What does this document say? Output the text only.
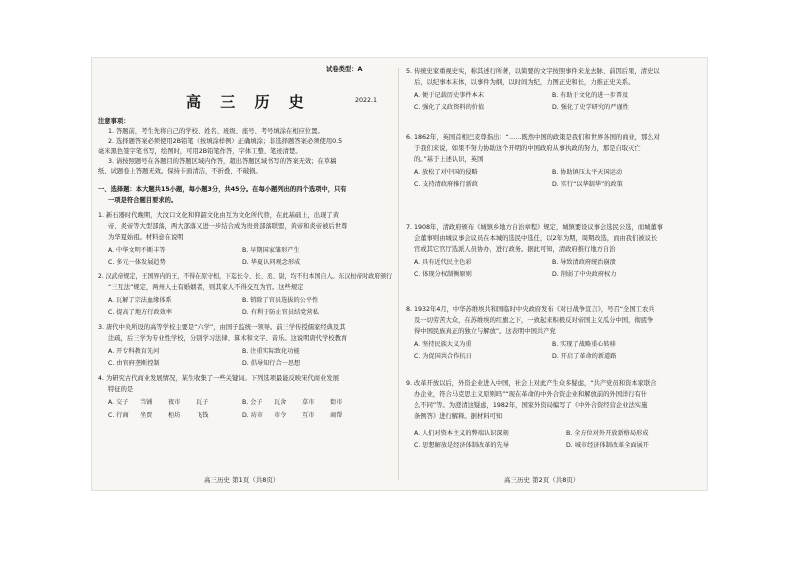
试卷类型：A
高 三 历 史	2022.1
注意事项：
1. 答题前，考生先将自己的学校、姓名、班级、座号、考号填涂在相应位置。
2. 选择题答案必须使用2B铅笔（按填涂样例）正确填涂；非选择题答案必须使用0.5
毫米黑色签字笔书写，绘图时，可用2B铅笔作答，字体工整、笔迹清楚。
3. 请按照题号在各题目的答题区域内作答，超出答题区域书写的答案无效；在草稿
纸、试题卷上答题无效。保持卡面清洁，不折叠、不破损。
一、选择题：本大题共15小题，每小题3分，共45分。在每小题列出的四个选项中，只有
一项是符合题目要求的。
1. 新石器时代晚期，大汶口文化和仰韶文化由互为文化所代替，在此基础上，出现了黄
帝、炎帝等大型部落，两大部落又进一步结合成为贵贵部落联盟，黄帝和炎帝被后世尊
为华夏始祖。材料意在说明
A. 中华文明不断丰等	B. 早期国家雏形产生
C. 多元一体发展趋势	D. 华夏认同观念形成
2. 汉武帝规定，王国界内的王，不得在原守相，下迄长令、长、丞、尉，均不归本国自人。东汉桓帝时政府颁行
“三互法”规定，两州人士有婚姻者，则其家人不得交互为官。这些规定
A. 瓦解了宗法血缘体系	B. 销除了官员选拔的公平性
C. 提高了地方行政效率	D. 有利于防止官员结党营私
3. 唐代中央所设的高等学校主要是“六学”，由国子监统一领导。前三学传授儒家经典及其
注疏，后三学为专业性学校，分别学习法律、算术和文字、音乐。这说明唐代学校教育
A. 开专科教育先河	B. 注重实际致化功能
C. 由官府垄断控制	D. 倡导知行合一思想
4. 为研究古代商业发展情况，某生收集了一些关键词。下列选项最能反映宋代商业发展
特征的是
A. 交子 当铺	夜市	瓦子	B. 会子 瓦舍	草市	街市
C. 行商 坐贾	柜坊	飞钱	D. 坊市 市令	互市	商帮
高三历史 第1页（共8页）
5. 传统史家重视史实，称其述行所著，以简要的文字按照事件来龙去脉、前因后果，清史以
后，以纪事本末体，以事件为纲，以时间为纪，力图正史和长，力推正史关系。
A. 便于记载历史事件本末	B. 有助于文化的进一步普及
C. 强化了义政资料的价值	D. 强化了史学研究的严谨性
6. 1862年，英国首相巴麦尊指出：“……既然中国的政策是我们和世界各国的商业，那么对
于我们来说，如果不努力协助这个开明的中国政府从事执政的努力，那是自取灭亡
的。”基于上述认识，英国
A. 放松了对中国的侵略	B. 协助镇压太平天国运动
C. 支持清政府推行新政	D. 实行“以华制华”的政策
7. 1908年，清政府颁布《城镇乡地方自治章程》规定，城镇要设议事会选民公选，而城董事
会董事则由城议事会议员在本城的选民中选任，以2年为期，周期改选，而由我们被议长
官或其它官厅选派人员协办，进行政务。据此可知，清政府推行地方自治
A. 具有近代民主色彩	B. 导致清政府统治崩溃
C. 体现分权制衡原则	D. 削弱了中央政府权力
8. 1932年4月，中华苏维埃共和国临时中央政府发布《对日战争宣言》，号召“全国工农兵
及一切劳苦大众，在苏维埃的红旗之下，一致起来积极反对帝国主义瓜分中国，彻底争
得中国民族真正的独立与解放”。这表明中国共产党
A. 坚持民族大义为重	B. 实现了战略重心转移
C. 为促国共合作抗日	D. 开启了革命的新道路
9. 改革开放以后，外资企业进入中国，社会上对此产生众多疑虑，“共产党员和资本家联合
办企业，符合马克思主义原则吗”“现在革命的中外合资企业和解放前的外国洋行有什
么不同”等。为澄清这疑虑，1982年，国家外资局编写了《中外合资经营企业法实施
条例答》进行解释。据材料可知
A. 人们对资本主义的弊端认识深刻	B. 全方位对外开放新格局形成
C. 思想解放是经济体制改革的先导	D. 城市经济体制改革全面展开
高三历史 第2页（共8页）
